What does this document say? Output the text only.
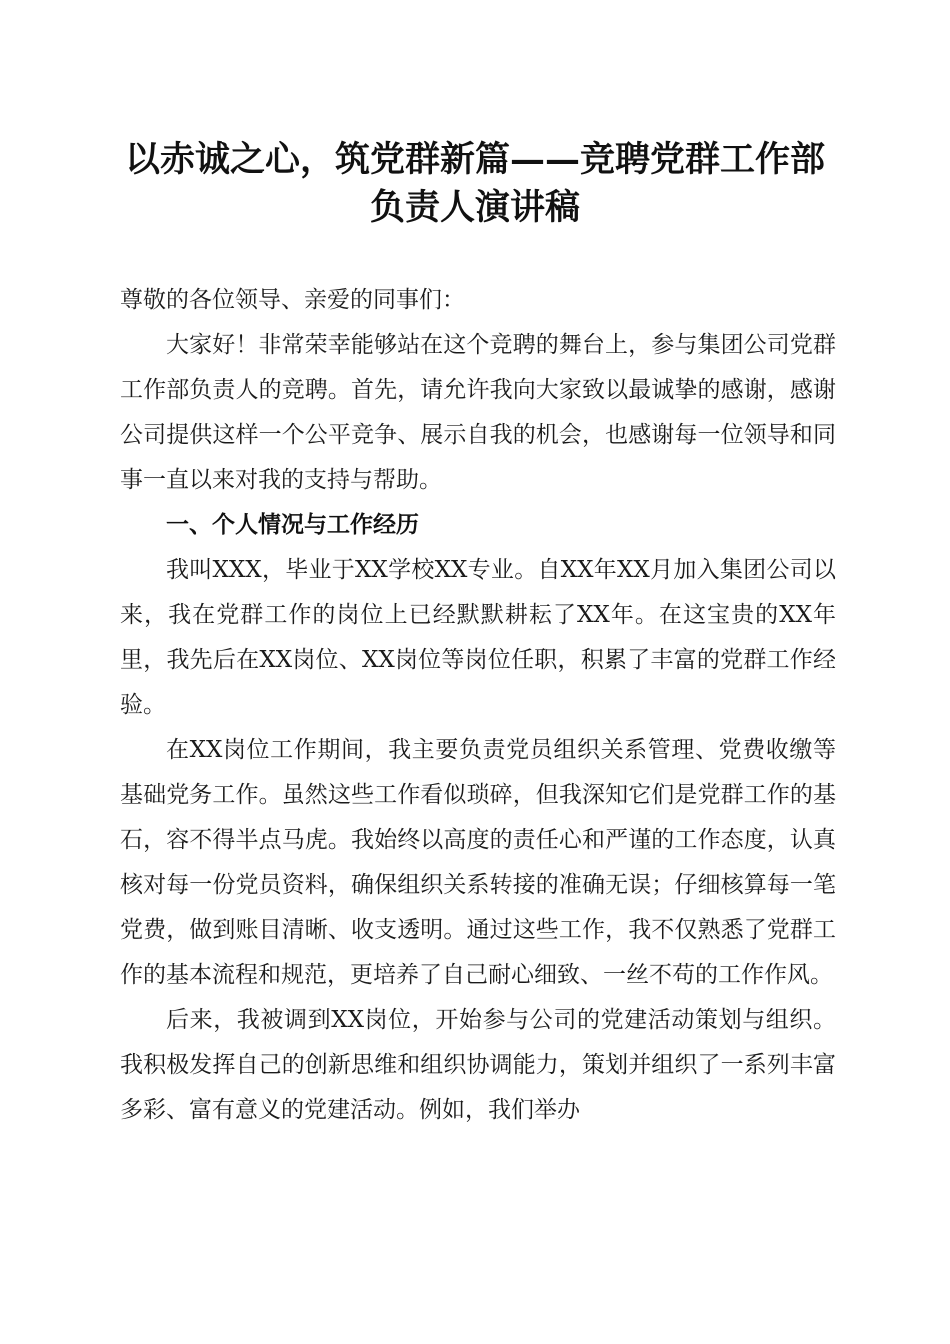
以赤诚之心，筑党群新篇——竞聘党群工作部
负责人演讲稿

尊敬的各位领导、亲爱的同事们：

大家好！非常荣幸能够站在这个竞聘的舞台上，参与集团公司党群工作部负责人的竞聘。首先，请允许我向大家致以最诚挚的感谢，感谢公司提供这样一个公平竞争、展示自我的机会，也感谢每一位领导和同事一直以来对我的支持与帮助。

一、个人情况与工作经历

我叫XXX，毕业于XX学校XX专业。自XX年XX月加入集团公司以来，我在党群工作的岗位上已经默默耕耘了XX年。在这宝贵的XX年里，我先后在XX岗位、XX岗位等岗位任职，积累了丰富的党群工作经验。

在XX岗位工作期间，我主要负责党员组织关系管理、党费收缴等基础党务工作。虽然这些工作看似琐碎，但我深知它们是党群工作的基石，容不得半点马虎。我始终以高度的责任心和严谨的工作态度，认真核对每一份党员资料，确保组织关系转接的准确无误；仔细核算每一笔党费，做到账目清晰、收支透明。通过这些工作，我不仅熟悉了党群工作的基本流程和规范，更培养了自己耐心细致、一丝不苟的工作作风。

后来，我被调到XX岗位，开始参与公司的党建活动策划与组织。我积极发挥自己的创新思维和组织协调能力，策划并组织了一系列丰富多彩、富有意义的党建活动。例如，我们举办
